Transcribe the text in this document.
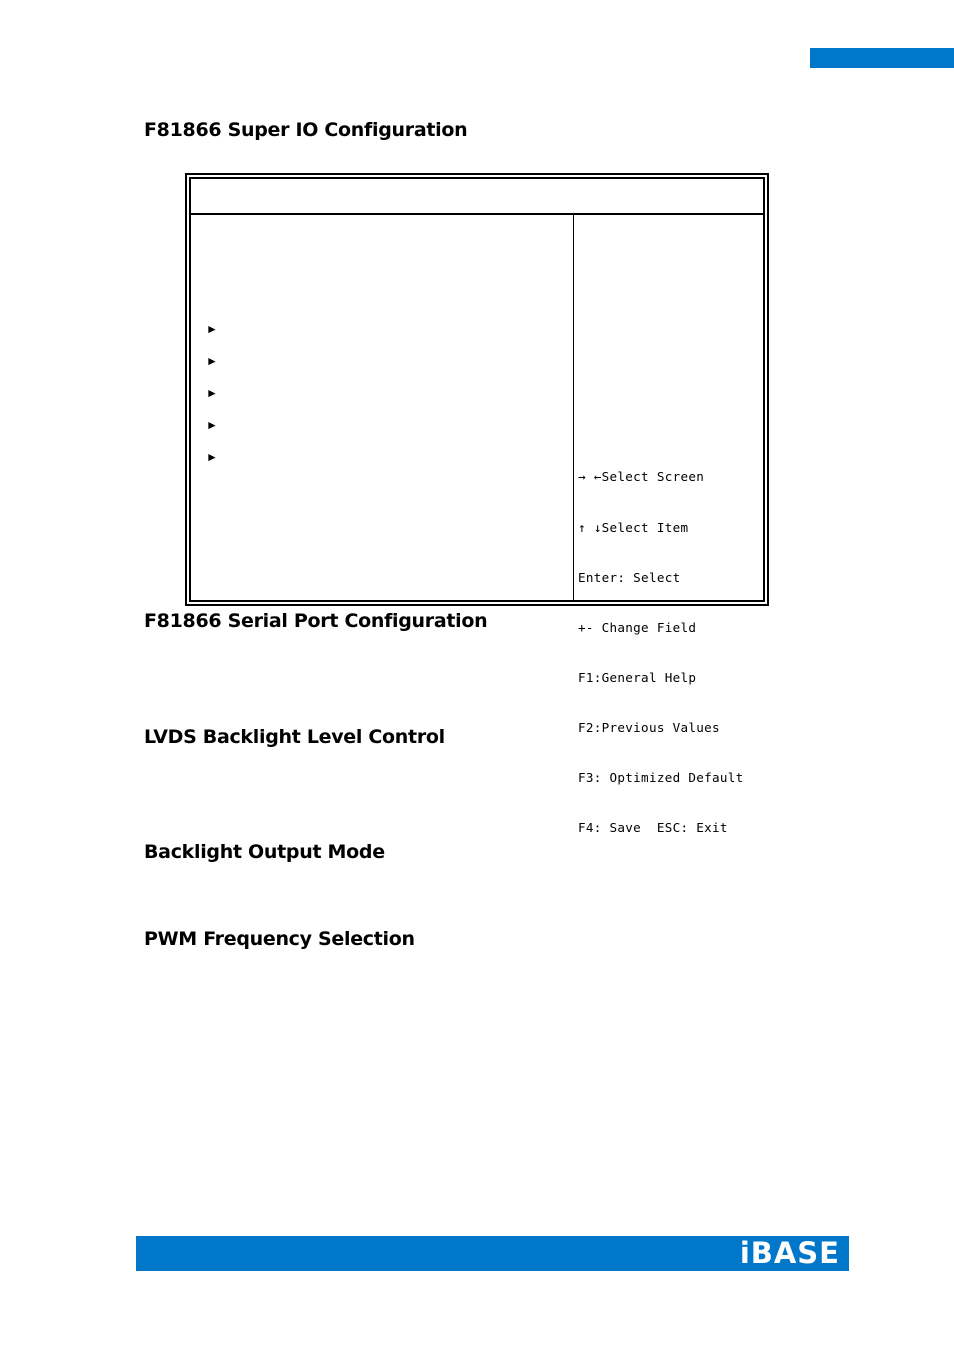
F81866 Super IO Configuration
►
►
►
►
►

→ ←Select Screen

↑ ↓Select Item

Enter: Select

+- Change Field

F1:General Help

F2:Previous Values

F3: Optimized Default

F4: Save  ESC: Exit

F81866 Serial Port Configuration
LVDS Backlight Level Control
Backlight Output Mode
PWM Frequency Selection
iBASE
